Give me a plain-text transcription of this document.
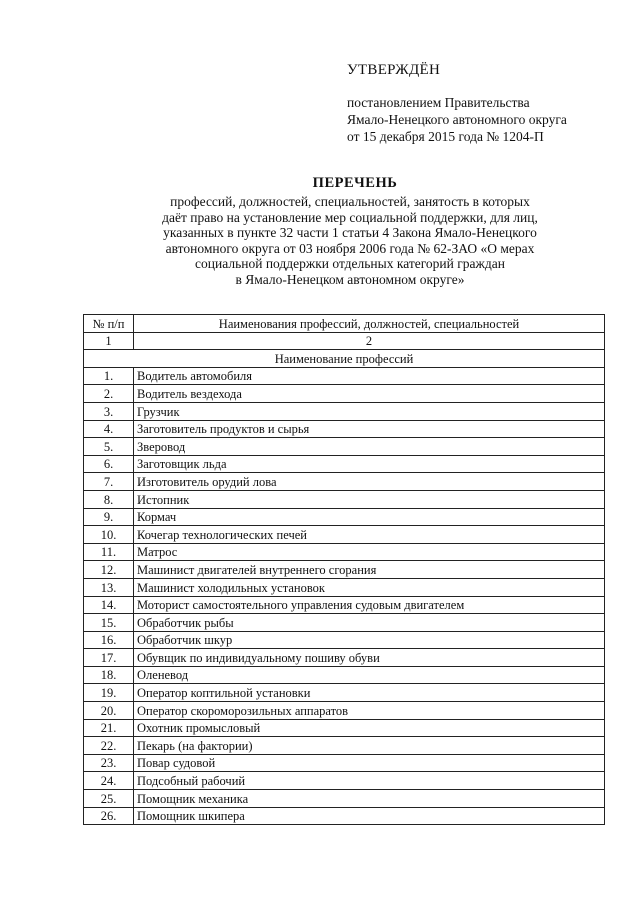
УТВЕРЖДЁН
постановлением Правительства
Ямало-Ненецкого автономного округа
от 15 декабря 2015 года № 1204-П
ПЕРЕЧЕНЬ
профессий, должностей, специальностей, занятость в которых
даёт право на установление мер социальной поддержки, для лиц,
указанных в пункте 32 части 1 статьи 4 Закона Ямало-Ненецкого
автономного округа от 03 ноября 2006 года № 62-ЗАО «О мерах
социальной поддержки отдельных категорий граждан
в Ямало-Ненецком автономном округе»
№ п/п	Наименования профессий, должностей, специальностей
1	2
Наименование профессий	
1.	Водитель автомобиля
2.	Водитель вездехода
3.	Грузчик
4.	Заготовитель продуктов и сырья
5.	Зверовод
6.	Заготовщик льда
7.	Изготовитель орудий лова
8.	Истопник
9.	Кормач
10.	Кочегар технологических печей
11.	Матрос
12.	Машинист двигателей внутреннего сгорания
13.	Машинист холодильных установок
14.	Моторист самостоятельного управления судовым двигателем
15.	Обработчик рыбы
16.	Обработчик шкур
17.	Обувщик по индивидуальному пошиву обуви
18.	Оленевод
19.	Оператор коптильной установки
20.	Оператор скороморозильных аппаратов
21.	Охотник промысловый
22.	Пекарь (на фактории)
23.	Повар судовой
24.	Подсобный рабочий
25.	Помощник механика
26.	Помощник шкипера
